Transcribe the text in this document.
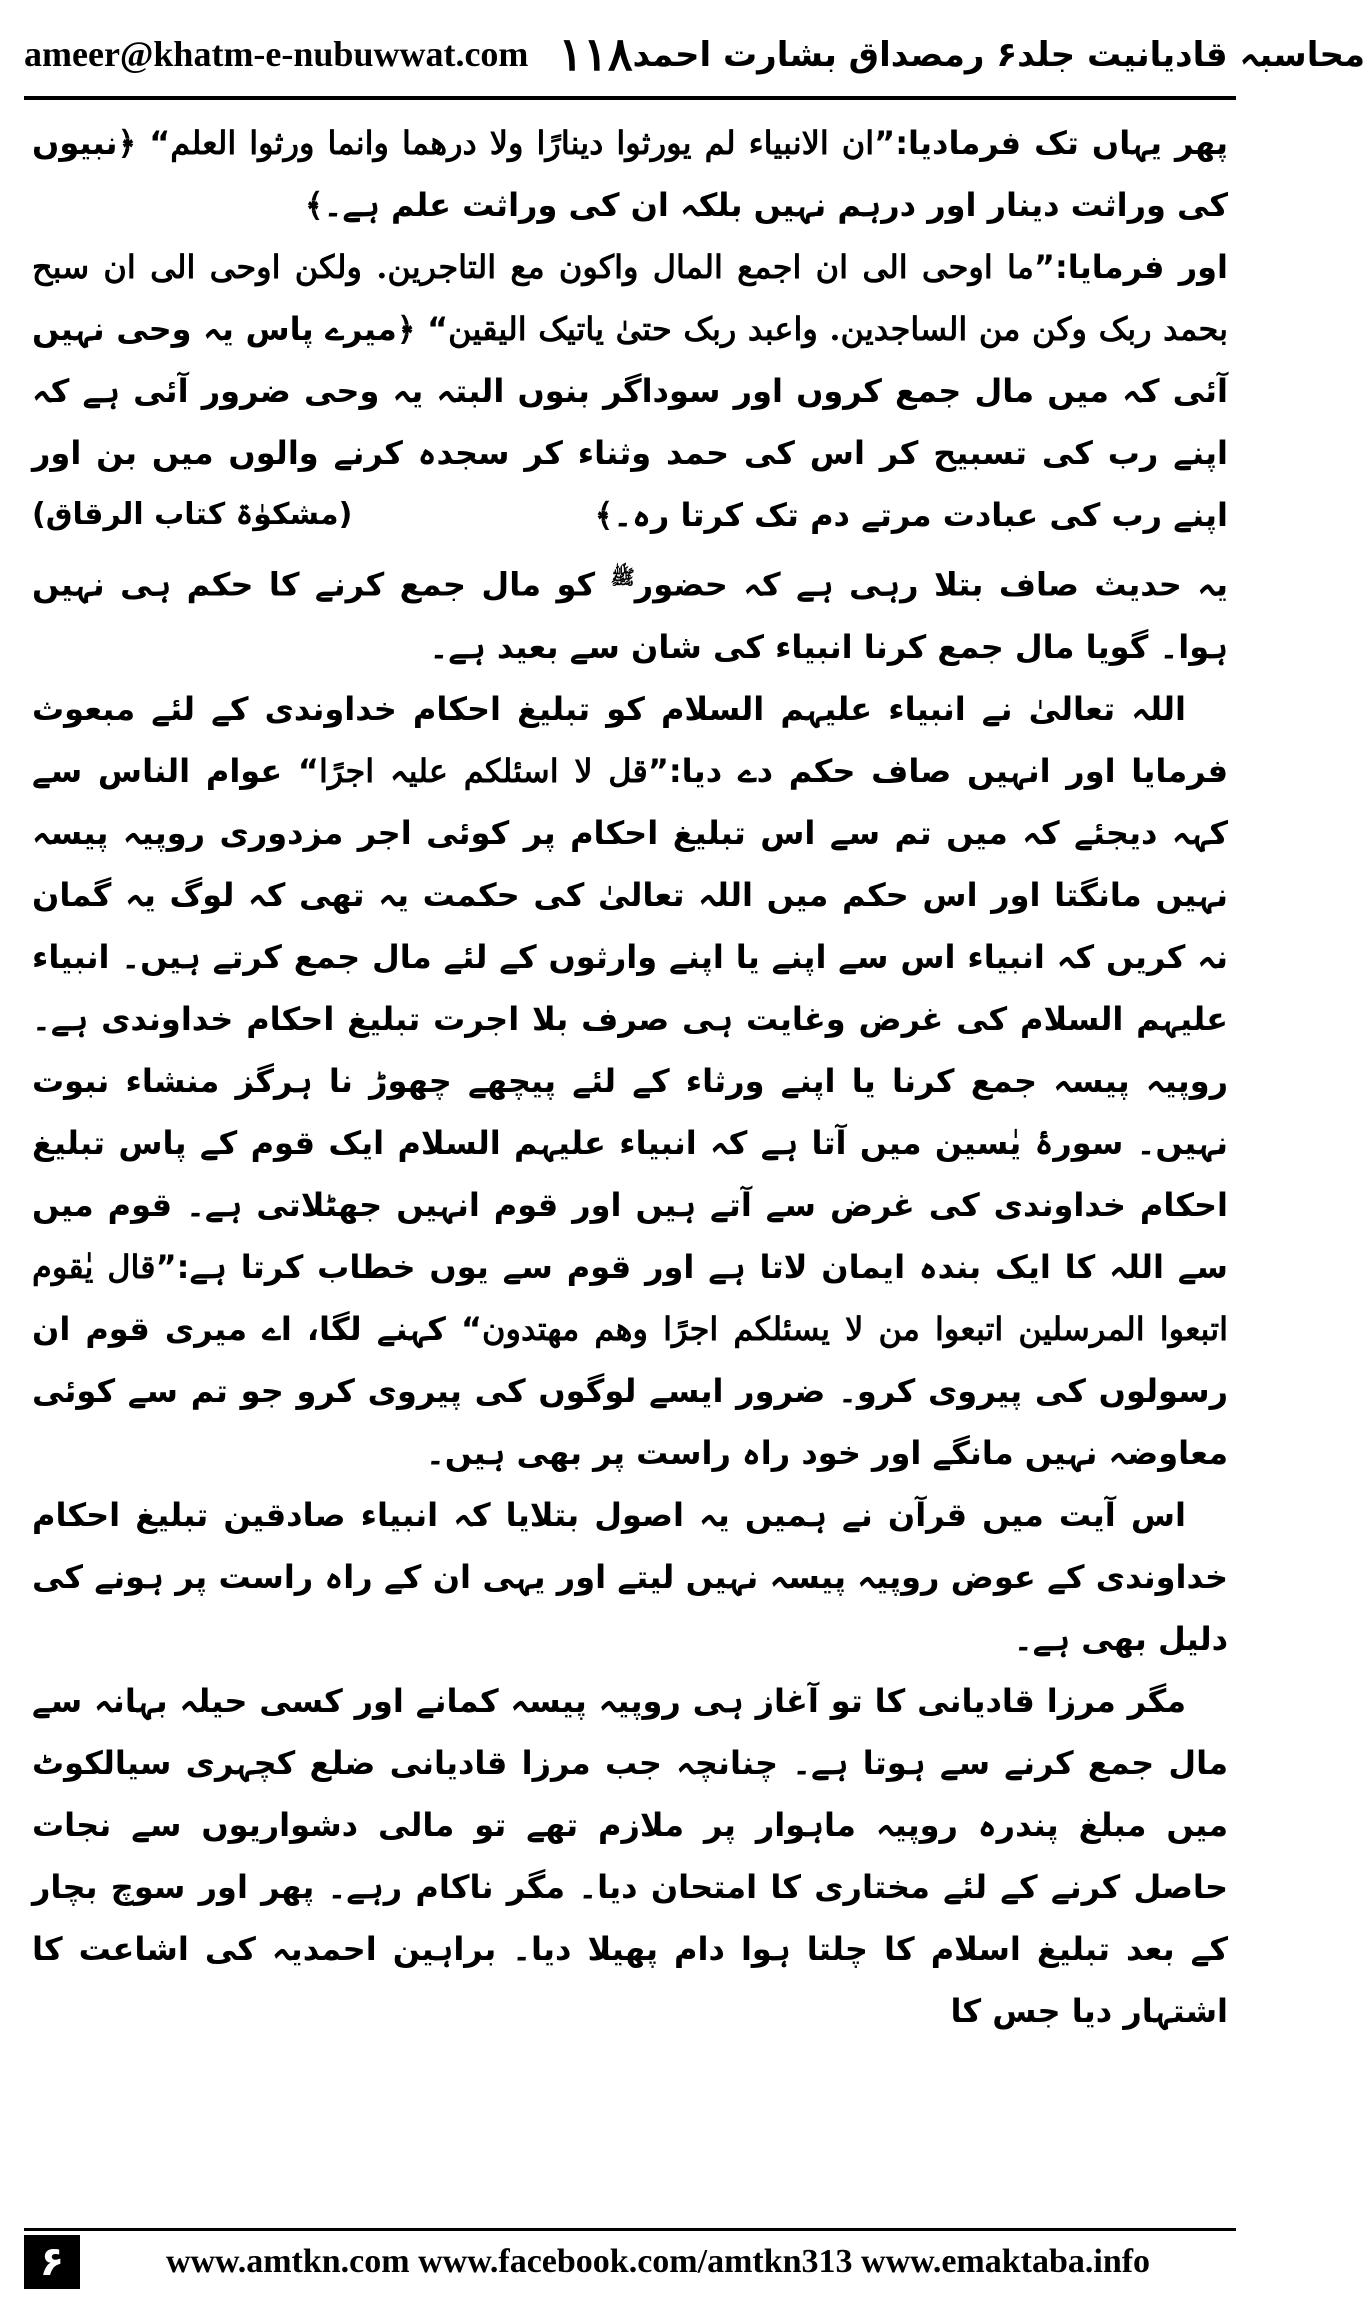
ameer@khatm-e-nubuwwat.com ۱۱۸ محاسبہ قادیانیت جلد۶ رمصداق بشارت احمد

پھر یہاں تک فرمادیا:”ان الانبیاء لم یورثوا دینارًا ولا درھما وانما ورثوا العلم“ ﴿نبیوں کی وراثت دینار اور درہم نہیں بلکہ ان کی وراثت علم ہے۔﴾

اور فرمایا:”ما اوحی الی ان اجمع المال واکون مع التاجرین. ولکن اوحی الی ان سبح بحمد ربک وکن من الساجدین. واعبد ربک حتیٰ یاتیک الیقین“ ﴿میرے پاس یہ وحی نہیں آئی کہ میں مال جمع کروں اور سوداگر بنوں البتہ یہ وحی ضرور آئی ہے کہ اپنے رب کی تسبیح کر اس کی حمد وثناء کر سجدہ کرنے والوں میں بن اور اپنے رب کی عبادت مرتے دم تک کرتا رہ۔﴾
(مشکوٰۃ کتاب الرقاق)

یہ حدیث صاف بتلا رہی ہے کہ حضور$^ﷺ$ کو مال جمع کرنے کا حکم ہی نہیں ہوا۔ گویا مال جمع کرنا انبیاء کی شان سے بعید ہے۔

اللہ تعالیٰ نے انبیاء علیہم السلام کو تبلیغ احکام خداوندی کے لئے مبعوث فرمایا اور انہیں صاف حکم دے دیا:”قل لا اسئلکم علیہ اجرًا“ عوام الناس سے کہہ دیجئے کہ میں تم سے اس تبلیغ احکام پر کوئی اجر مزدوری روپیہ پیسہ نہیں مانگتا اور اس حکم میں اللہ تعالیٰ کی حکمت یہ تھی کہ لوگ یہ گمان نہ کریں کہ انبیاء اس سے اپنے یا اپنے وارثوں کے لئے مال جمع کرتے ہیں۔ انبیاء علیہم السلام کی غرض وغایت ہی صرف بلا اجرت تبلیغ احکام خداوندی ہے۔ روپیہ پیسہ جمع کرنا یا اپنے ورثاء کے لئے پیچھے چھوڑ نا ہرگز منشاء نبوت نہیں۔ سورۂ یٰسین میں آتا ہے کہ انبیاء علیہم السلام ایک قوم کے پاس تبلیغ احکام خداوندی کی غرض سے آتے ہیں اور قوم انہیں جھٹلاتی ہے۔ قوم میں سے اللہ کا ایک بندہ ایمان لاتا ہے اور قوم سے یوں خطاب کرتا ہے:”قال یٰقوم اتبعوا المرسلین اتبعوا من لا یسئلکم اجرًا وھم مھتدون“ کہنے لگا، اے میری قوم ان رسولوں کی پیروی کرو۔ ضرور ایسے لوگوں کی پیروی کرو جو تم سے کوئی معاوضہ نہیں مانگے اور خود راہ راست پر بھی ہیں۔

اس آیت میں قرآن نے ہمیں یہ اصول بتلایا کہ انبیاء صادقین تبلیغ احکام خداوندی کے عوض روپیہ پیسہ نہیں لیتے اور یہی ان کے راہ راست پر ہونے کی دلیل بھی ہے۔

مگر مرزا قادیانی کا تو آغاز ہی روپیہ پیسہ کمانے اور کسی حیلہ بہانہ سے مال جمع کرنے سے ہوتا ہے۔ چنانچہ جب مرزا قادیانی ضلع کچہری سیالکوٹ میں مبلغ پندرہ روپیہ ماہوار پر ملازم تھے تو مالی دشواریوں سے نجات حاصل کرنے کے لئے مختاری کا امتحان دیا۔ مگر ناکام رہے۔ پھر اور سوچ بچار کے بعد تبلیغ اسلام کا چلتا ہوا دام پھیلا دیا۔ براہین احمدیہ کی اشاعت کا اشتہار دیا جس کا

۶	www.amtkn.com www.facebook.com/amtkn313 www.emaktaba.info
